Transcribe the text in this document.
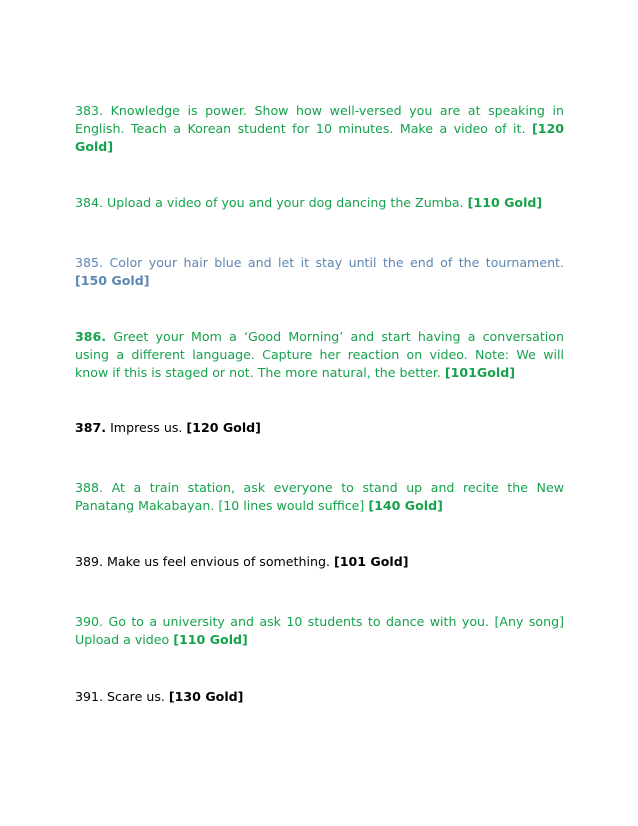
383. Knowledge is power. Show how well-versed you are at speaking in English. Teach a Korean student for 10 minutes. Make a video of it. [120 Gold]

384. Upload a video of you and your dog dancing the Zumba. [110 Gold]

385. Color your hair blue and let it stay until the end of the tournament. [150 Gold]

386. Greet your Mom a ‘Good Morning’ and start having a conversation using a different language. Capture her reaction on video. Note: We will know if this is staged or not. The more natural, the better. [101Gold]

387. Impress us. [120 Gold]

388. At a train station, ask everyone to stand up and recite the New Panatang Makabayan. [10 lines would suffice] [140 Gold]

389. Make us feel envious of something. [101 Gold]

390. Go to a university and ask 10 students to dance with you. [Any song] Upload a video [110 Gold]

391. Scare us. [130 Gold]
